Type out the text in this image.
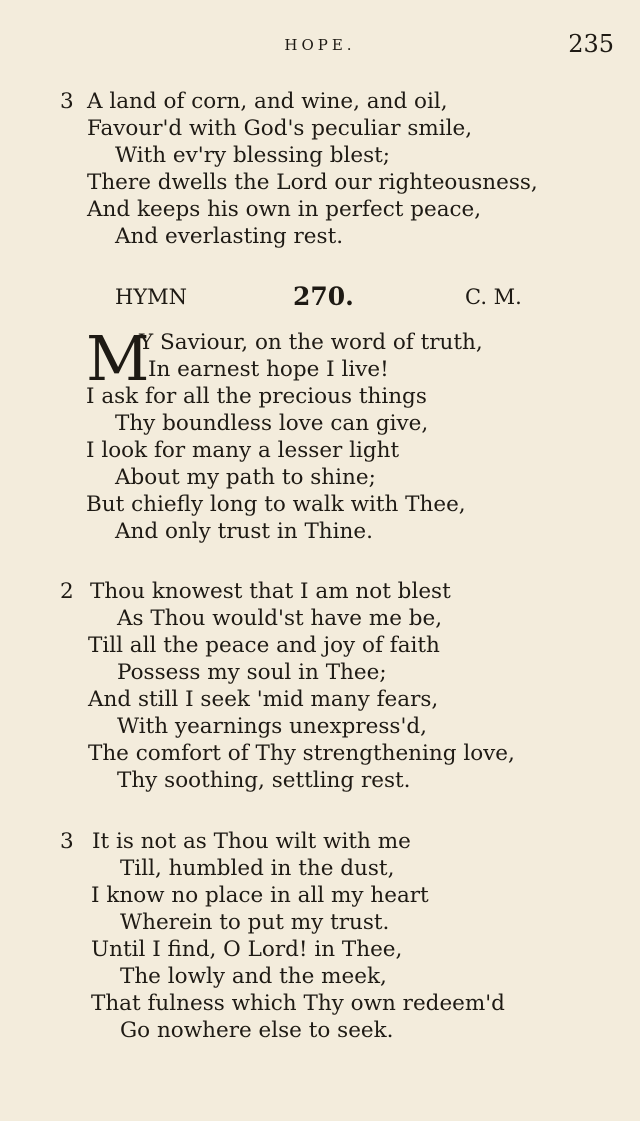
HOPE.	235
3 A land of corn, and wine, and oil,
Favour'd with God's peculiar smile,
With ev'ry blessing blest;
There dwells the Lord our righteousness,
And keeps his own in perfect peace,
And everlasting rest.
HYMN	270.	C. M.
M
Y Saviour, on the word of truth,
In earnest hope I live!
I ask for all the precious things
Thy boundless love can give,
I look for many a lesser light
About my path to shine;
But chiefly long to walk with Thee,
And only trust in Thine.
2 Thou knowest that I am not blest
As Thou would'st have me be,
Till all the peace and joy of faith
Possess my soul in Thee;
And still I seek 'mid many fears,
With yearnings unexpress'd,
The comfort of Thy strengthening love,
Thy soothing, settling rest.
3 It is not as Thou wilt with me
Till, humbled in the dust,
I know no place in all my heart
Wherein to put my trust.
Until I find, O Lord! in Thee,
The lowly and the meek,
That fulness which Thy own redeem'd
Go nowhere else to seek.
